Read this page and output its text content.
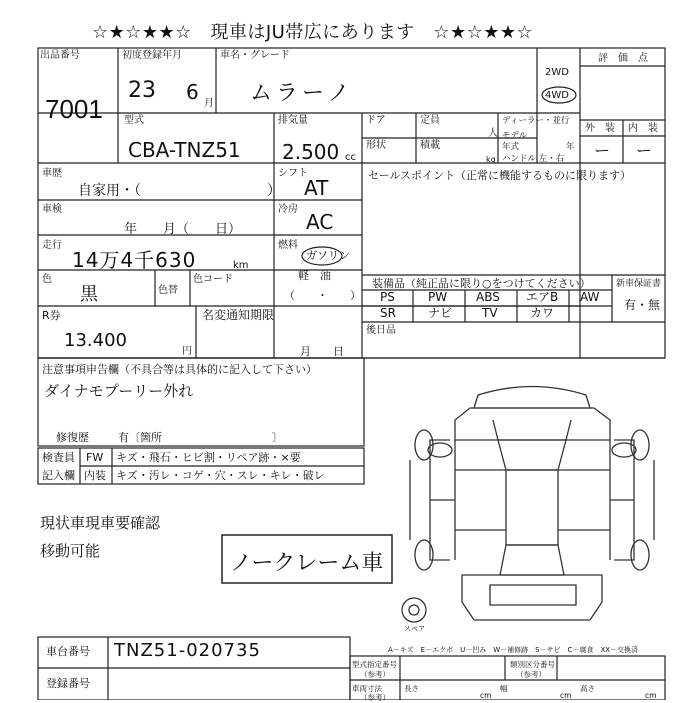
☆★☆★★☆　現車はJU帯広にあります　☆★☆★★☆
出品番号
7001
初度登録年月
23 6 月
車名・グレード
ムラーノ
2WD
4WD
評　価　点
外　装 内　装
ー ー
型式
CBA-TNZ51
排気量
2.500 cc
ドア	定員
人
形状	積載
kg
ディーラー・並行
モデル
年式	年
ハンドル 左・右
車歴
自家用・（　　　　　　　　　）
シフト
AT
セールスポイント（正常に機能するものに限ります）
車検
年　　月（　　日）
冷房
AC
走行
14万4千630	km
燃料
ガソリン
軽　油
（　　・　　）
色
黒	色替
色コード	装備品（純正品に限り○をつけてください）
PS	PW ABS エアB AW
SR	ナビ TV	カワ
新車保証書
有・無
R券
13.400
円
名変通知期限
月　　日
後日品
注意事項申告欄（不具合等は具体的に記入して下さい）
ダイナモプーリー外れ
修復歴	有〔箇所　　　　　　　　　　〕
検査員
記入欄
FW キズ・飛石・ヒビ割・リペア跡・×要
内装 キズ・汚レ・コゲ・穴・スレ・キレ・破レ
現状車現車要確認
移動可能	ノークレーム車
スペア
車台番号 TNZ51-020735
登録番号
A－キズ　E－エクボ　U－凹み　W－補修跡　S－サビ　C－腐食　XX－交換済
型式指定番号
（参考）
類別区分番号
（参考）
車両寸法
（参考）
長さ
cm
幅
cm
高さ
cm
